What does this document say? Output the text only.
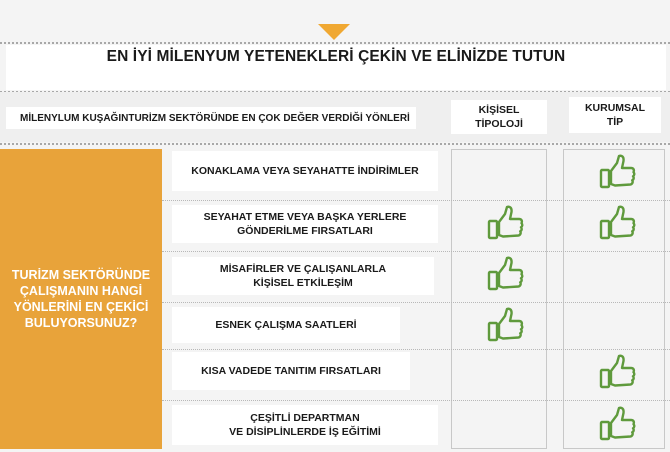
EN İYİ MİLENYUM YETENEKLERİ ÇEKİN VE ELİNİZDE TUTUN
MİLENYLUM KUŞAĞINTURİZM SEKTÖRÜNDE EN ÇOK DEĞER VERDİĞİ YÖNLERİ
KİŞİSEL
TİPOLOJİ
KURUMSAL
TİP
TURİZM SEKTÖRÜNDE ÇALIŞMANIN HANGİ YÖNLERİNİ EN ÇEKİCİ BULUYORSUNUZ?
KONAKLAMA VEYA SEYAHATTE İNDİRİMLER
SEYAHAT ETME VEYA BAŞKA YERLERE
GÖNDERİLME FIRSATLARI
MİSAFİRLER VE ÇALIŞANLARLA
KİŞİSEL ETKİLEŞİM
ESNEK ÇALIŞMA SAATLERİ
KISA VADEDE TANITIM FIRSATLARI
ÇEŞİTLİ DEPARTMAN
VE DİSİPLİNLERDE İŞ EĞİTİMİ
